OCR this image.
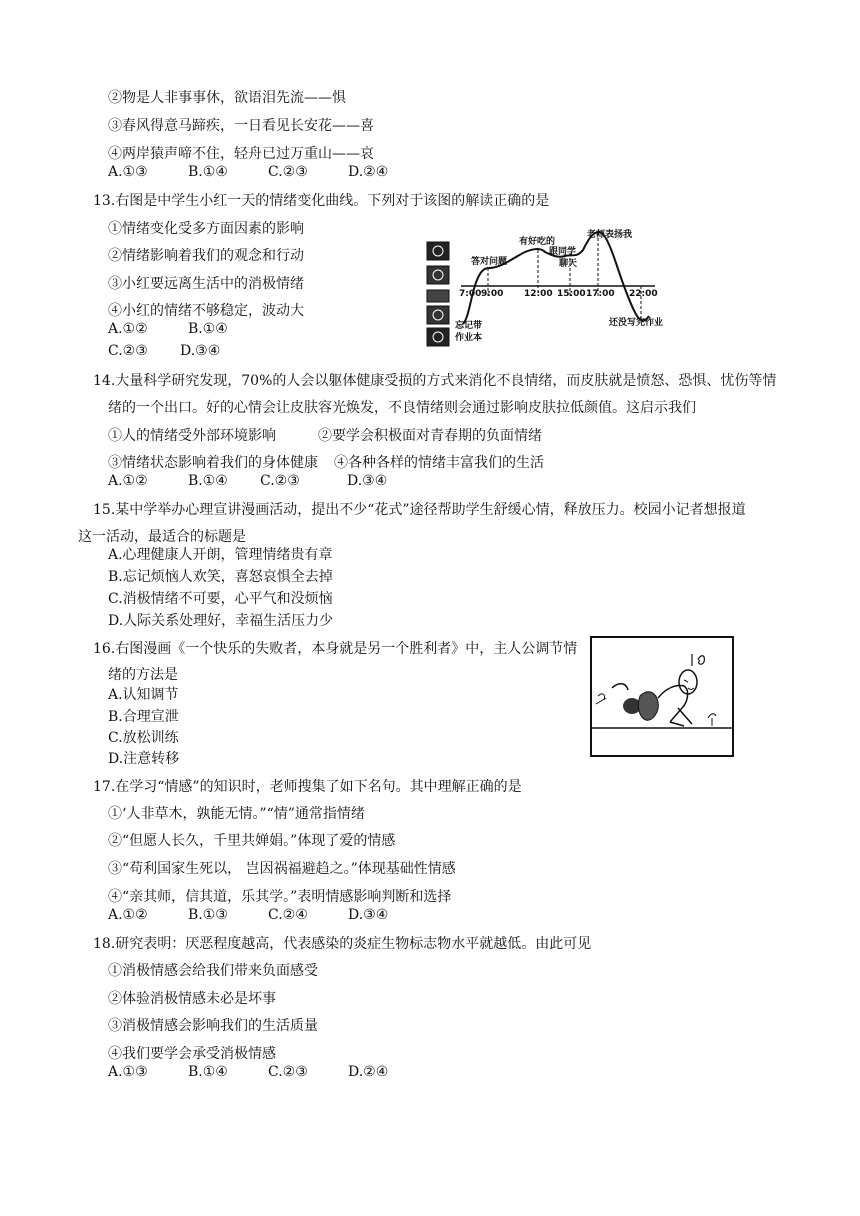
②物是人非事事休，欲语泪先流——惧
③春风得意马蹄疾，一日看见长安花——喜
④两岸猿声啼不住，轻舟已过万重山——哀
A.①③	B.①④	C.②③	D.②④
13.右图是中学生小红一天的情绪变化曲线。下列对于该图的解读正确的是
①情绪变化受多方面因素的影响
②情绪影响着我们的观念和行动
③小红要远离生活中的消极情绪
④小红的情绪不够稳定，波动大
A.①②	B.①④
C.②③ D.③④
7:00 9:00 12:00 15:00 17:00 22:00
答对问题
有好吃的
跟同学
聊天
老师表扬我
忘记带
作业本
还没写完作业
14.大量科学研究发现，70%的人会以躯体健康受损的方式来消化不良情绪，而皮肤就是愤怒、恐惧、忧伤等情
绪的一个出口。好的心情会让皮肤容光焕发，不良情绪则会通过影响皮肤拉低颜值。这启示我们
①人的情绪受外部环境影响	②要学会积极面对青春期的负面情绪
③情绪状态影响着我们的身体健康 ④各种各样的情绪丰富我们的生活
A.①②	B.①④ C.②③	D.③④
15.某中学举办心理宣讲漫画活动，提出不少“花式”途径帮助学生舒缓心情，释放压力。校园小记者想报道
这一活动，最适合的标题是
A.心理健康人开朗，管理情绪贵有章
B.忘记烦恼人欢笑，喜怒哀惧全去掉
C.消极情绪不可要，心平气和没烦恼
D.人际关系处理好，幸福生活压力少
16.右图漫画《一个快乐的失败者，本身就是另一个胜利者》中，主人公调节情
绪的方法是
A.认知调节
B.合理宣泄
C.放松训练
D.注意转移
17.在学习“情感”的知识时，老师搜集了如下名句。其中理解正确的是
①‘人非草木，孰能无情。”“情”通常指情绪
②“但愿人长久，千里共婵娟。”体现了爱的情感
③“苟利国家生死以， 岂因祸福避趋之。”体现基础性情感
④“亲其师，信其道，乐其学。”表明情感影响判断和选择
A.①②	B.①③	C.②④	D.③④
18.研究表明：厌恶程度越高，代表感染的炎症生物标志物水平就越低。由此可见
①消极情感会给我们带来负面感受
②体验消极情感未必是坏事
③消极情感会影响我们的生活质量
④我们要学会承受消极情感
A.①③	B.①④	C.②③	D.②④
